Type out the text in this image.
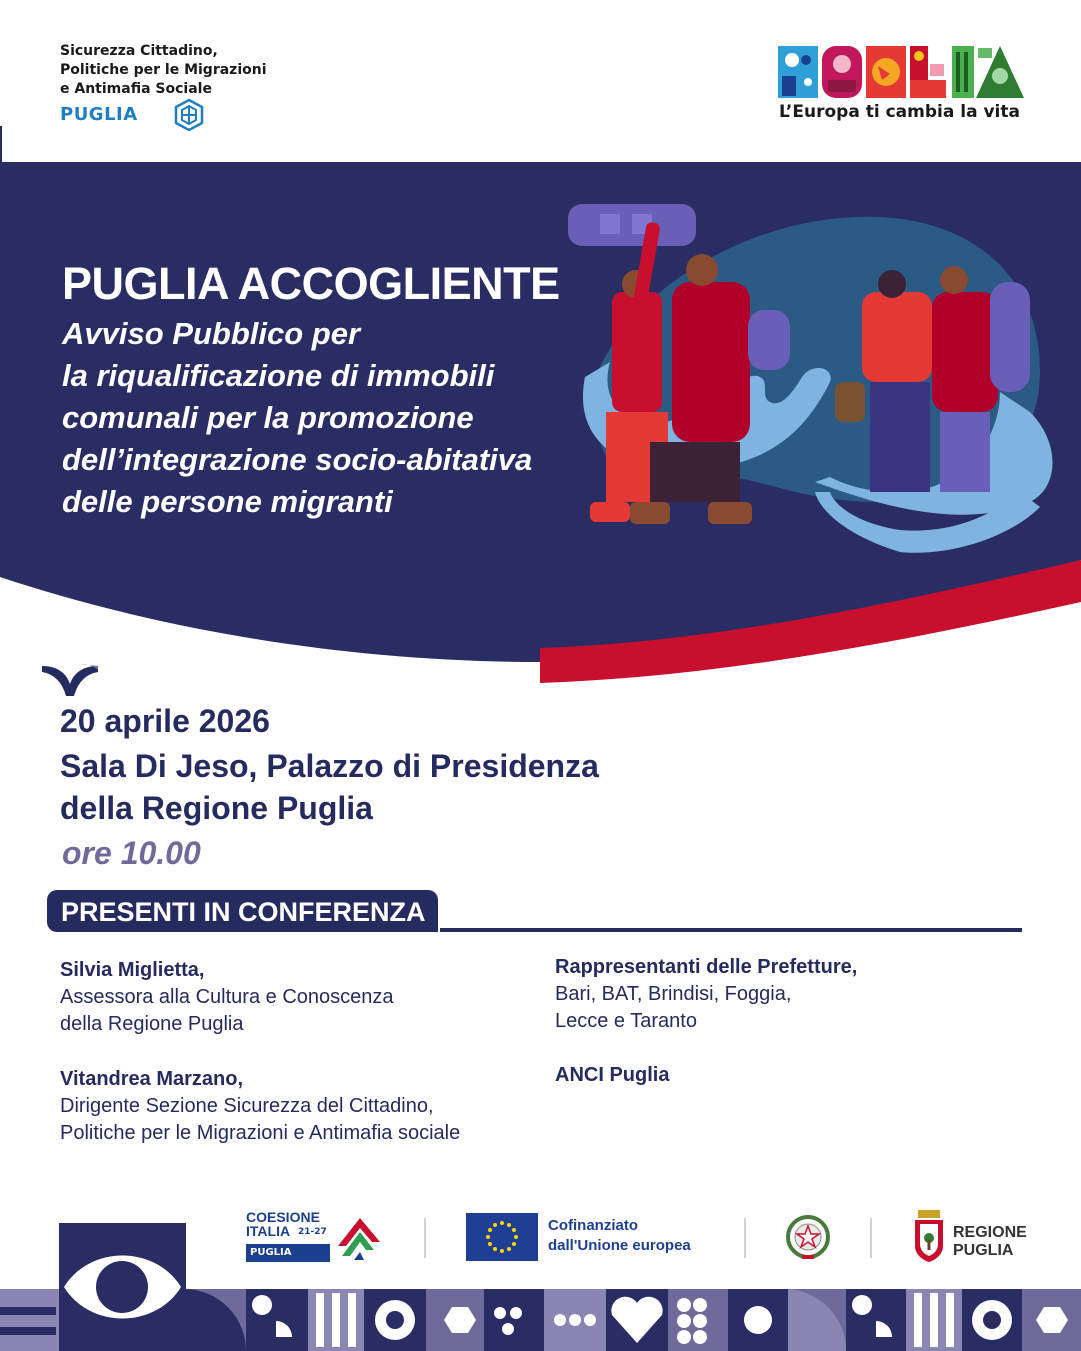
Sicurezza Cittadino,
Politiche per le Migrazioni
e Antimafia Sociale
PUGLIA	L’Europa ti cambia la vita
PUGLIA ACCOGLIENTE
Avviso Pubblico per
la riqualificazione di immobili
comunali per la promozione
dell’integrazione socio-abitativa
delle persone migranti
20 aprile 2026
Sala Di Jeso, Palazzo di Presidenza
della Regione Puglia
ore 10.00
PRESENTI IN CONFERENZA
Silvia Miglietta,
Assessora alla Cultura e Conoscenza
della Regione Puglia
Vitandrea Marzano,
Dirigente Sezione Sicurezza del Cittadino,
Politiche per le Migrazioni e Antimafia sociale
Rappresentanti delle Prefetture,
Bari, BAT, Brindisi, Foggia,
Lecce e Taranto
ANCI Puglia
COESIONE
ITALIA 21-27
PUGLIA
Cofinanziato
dall'Unione europea
REGIONE
PUGLIA
